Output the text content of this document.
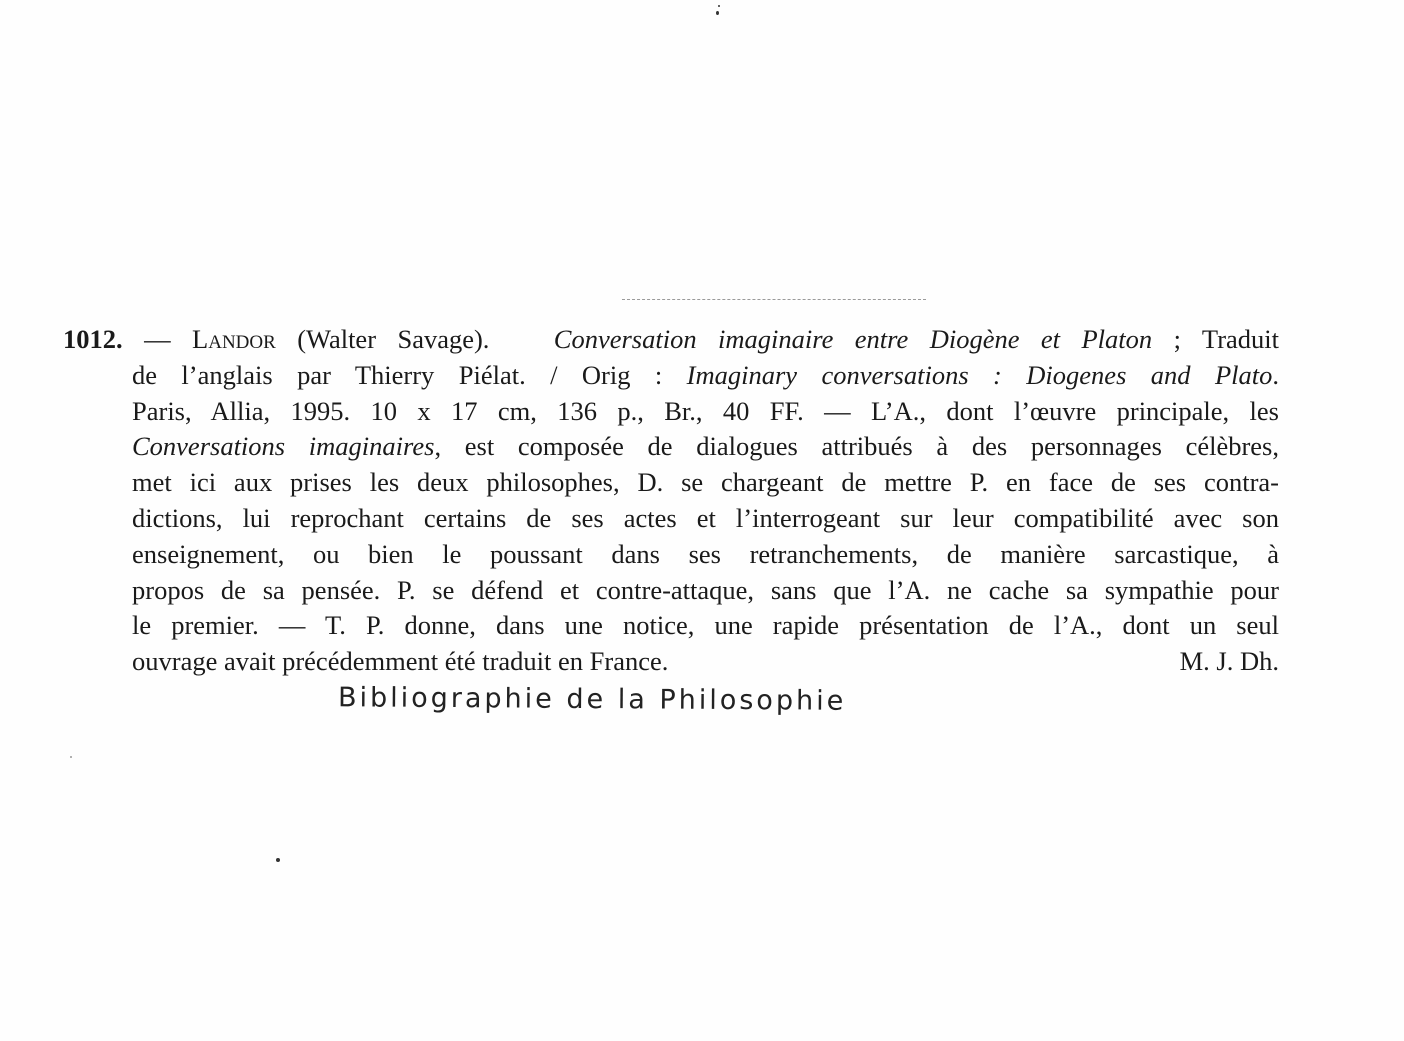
1012. — Landor (Walter Savage). Conversation imaginaire entre Diogène et Platon ; Traduit
de l’anglais par Thierry Piélat. / Orig : Imaginary conversations : Diogenes and Plato.
Paris, Allia, 1995. 10 x 17 cm, 136 p., Br., 40 FF. — L’A., dont l’œuvre principale, les
Conversations imaginaires, est composée de dialogues attribués à des personnages célèbres,
met ici aux prises les deux philosophes, D. se chargeant de mettre P. en face de ses contra-
dictions, lui reprochant certains de ses actes et l’interrogeant sur leur compatibilité avec son
enseignement, ou bien le poussant dans ses retranchements, de manière sarcastique, à
propos de sa pensée. P. se défend et contre-attaque, sans que l’A. ne cache sa sympathie pour
le premier. — T. P. donne, dans une notice, une rapide présentation de l’A., dont un seul
ouvrage avait précédemment été traduit en France.	M. J. Dh.
Bibliographie de la Philosophie
